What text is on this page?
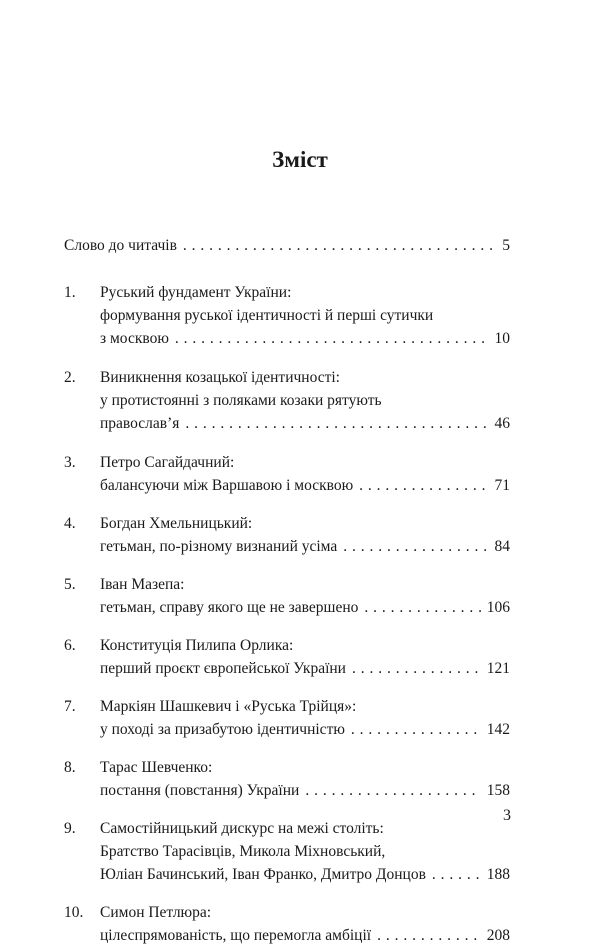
Зміст
Слово до читачів . . .	5
1. Руський фундамент України:
формування руської ідентичності й перші сутички
з москвою . . .	10
2. Виникнення козацької ідентичності:
у протистоянні з поляками козаки рятують
православ’я . . .	46
3. Петро Сагайдачний:
балансуючи між Варшавою і москвою . . .	71
4. Богдан Хмельницький:
гетьман, по-різному визнаний усіма . . .	84
5. Іван Мазепа:
гетьман, справу якого ще не завершено . . .	106
6. Конституція Пилипа Орлика:
перший проєкт європейської України . . .	121
7. Маркіян Шашкевич і «Руська Трійця»:
у поході за призабутою ідентичністю . . .	142
8. Тарас Шевченко:
постання (повстання) України . . .	158
9. Самостійницький дискурс на межі століть:
Братство Тарасівців, Микола Міхновський,
Юліан Бачинський, Іван Франко, Дмитро Донцов . . .	188
10. Симон Петлюра:
цілеспрямованість, що перемогла амбіції . . .	208
3
